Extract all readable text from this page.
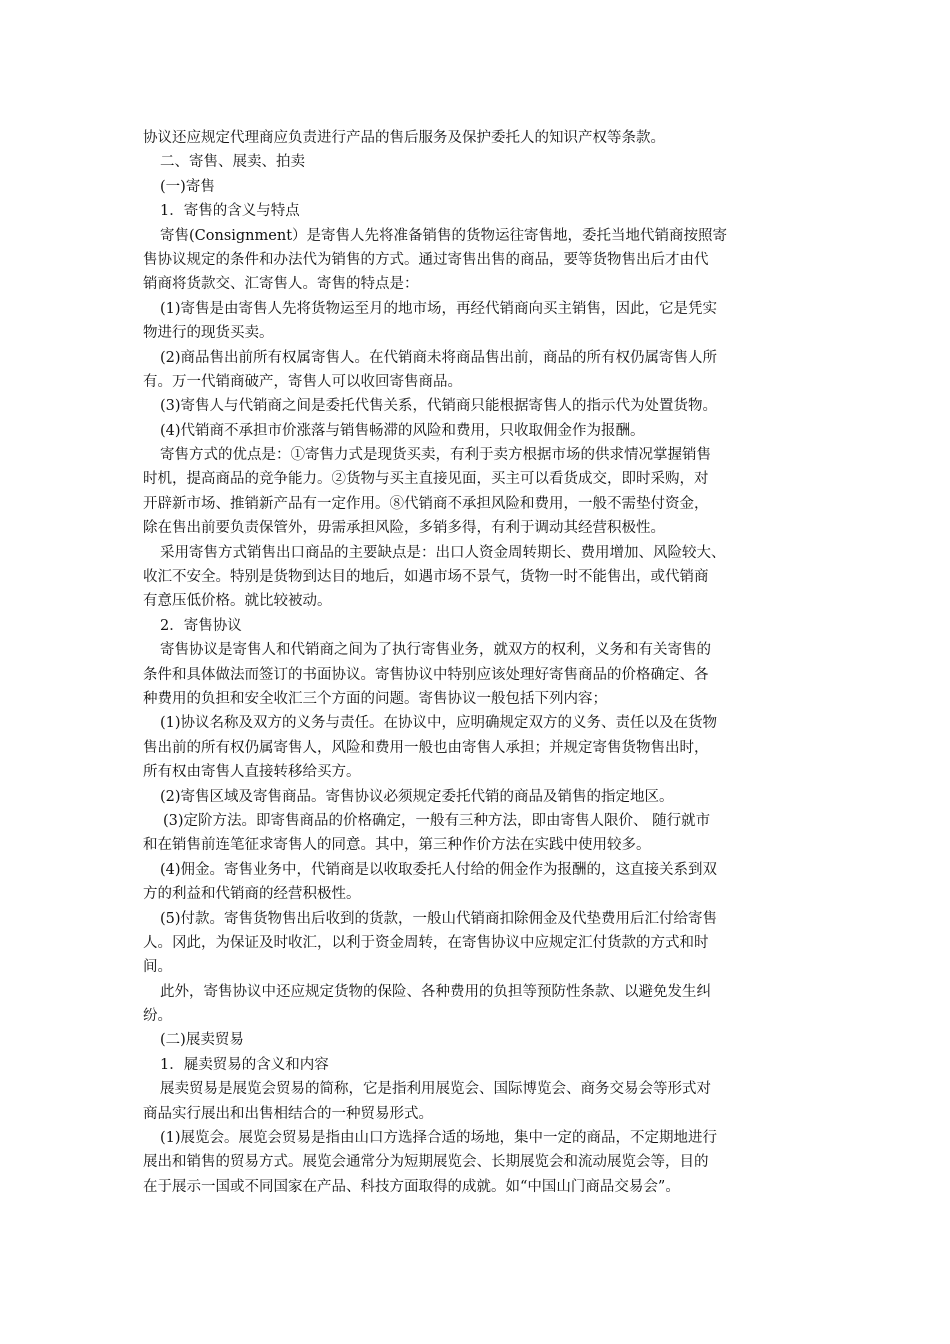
协议还应规定代理商应负责进行产品的售后服务及保护委托人的知识产权等条款。

二、寄售、展卖、拍卖

(一)寄售

1．寄售的含义与特点

寄售(Consignment）是寄售人先将准备销售的货物运往寄售地，委托当地代销商按照寄

售协议规定的条件和办法代为销售的方式。通过寄售出售的商品，要等货物售出后才由代

销商将货款交、汇寄售人。寄售的特点是：

(1)寄售是由寄售人先将货物运至月的地市场，再经代销商向买主销售，因此，它是凭实

物进行的现货买卖。

(2)商品售出前所有权属寄售人。在代销商未将商品售出前，商品的所有权仍属寄售人所

有。万一代销商破产，寄售人可以收回寄售商品。

(3)寄售人与代销商之间是委托代售关系，代销商只能根据寄售人的指示代为处置货物。

(4)代销商不承担市价涨落与销售畅滞的风险和费用，只收取佣金作为报酬。

寄售方式的优点是：①寄售力式是现货买卖，有利于卖方根据市场的供求情况掌握销售

时机，提高商品的竞争能力。②货物与买主直接见面，买主可以看货成交，即时采购，对

开辟新市场、推销新产品有一定作用。⑧代销商不承担风险和费用，一般不需垫付资金，

除在售出前要负责保管外，毋需承担风险，多销多得，有利于调动其经营积极性。

采用寄售方式销售出口商品的主要缺点是：出口人资金周转期长、费用增加、风险较大、

收汇不安全。特别是货物到达目的地后，如遇市场不景气，货物一时不能售出，或代销商

有意压低价格。就比较被动。

2．寄售协议

寄售协议是寄售人和代销商之间为了执行寄售业务，就双方的权利，义务和有关寄售的

条件和具体做法而签订的书面协议。寄售协议中特别应该处理好寄售商品的价格确定、各

种费用的负担和安全收汇三个方面的问题。寄售协议一般包括下列内容；

(1)协议名称及双方的义务与责任。在协议中，应明确规定双方的义务、责任以及在货物

售出前的所有权仍属寄售人，风险和费用一般也由寄售人承担；并规定寄售货物售出时，

所有权由寄售人直接转移给买方。

(2)寄售区域及寄售商品。寄售协议必须规定委托代销的商品及销售的指定地区。

(3)定阶方法。即寄售商品的价格确定，一般有三种方法，即由寄售人限价、 随行就市

和在销售前连笔征求寄售人的同意。其中，第三种作价方法在实践中使用较多。

(4)佣金。寄售业务中，代销商是以收取委托人付给的佣金作为报酬的，这直接关系到双

方的利益和代销商的经营积极性。

(5)付款。寄售货物售出后收到的货款，一般山代销商扣除佣金及代垫费用后汇付给寄售

人。冈此，为保证及时收汇，以利于资金周转，在寄售协议中应规定汇付货款的方式和时

间。

此外，寄售协议中还应规定货物的保险、各种费用的负担等预防性条款、以避免发生纠

纷。

(二)展卖贸易

1．屣卖贸易的含义和内容

展卖贸易是展览会贸易的简称，它是指利用展览会、国际博览会、商务交易会等形式对

商品实行展出和出售相结合的一种贸易形式。

(1)展览会。展览会贸易是指由山口方选择合适的场地，集中一定的商品，不定期地进行

展出和销售的贸易方式。展览会通常分为短期展览会、长期展览会和流动展览会等，目的

在于展示一国或不同国家在产品、科技方面取得的成就。如“中国山门商品交易会”。
